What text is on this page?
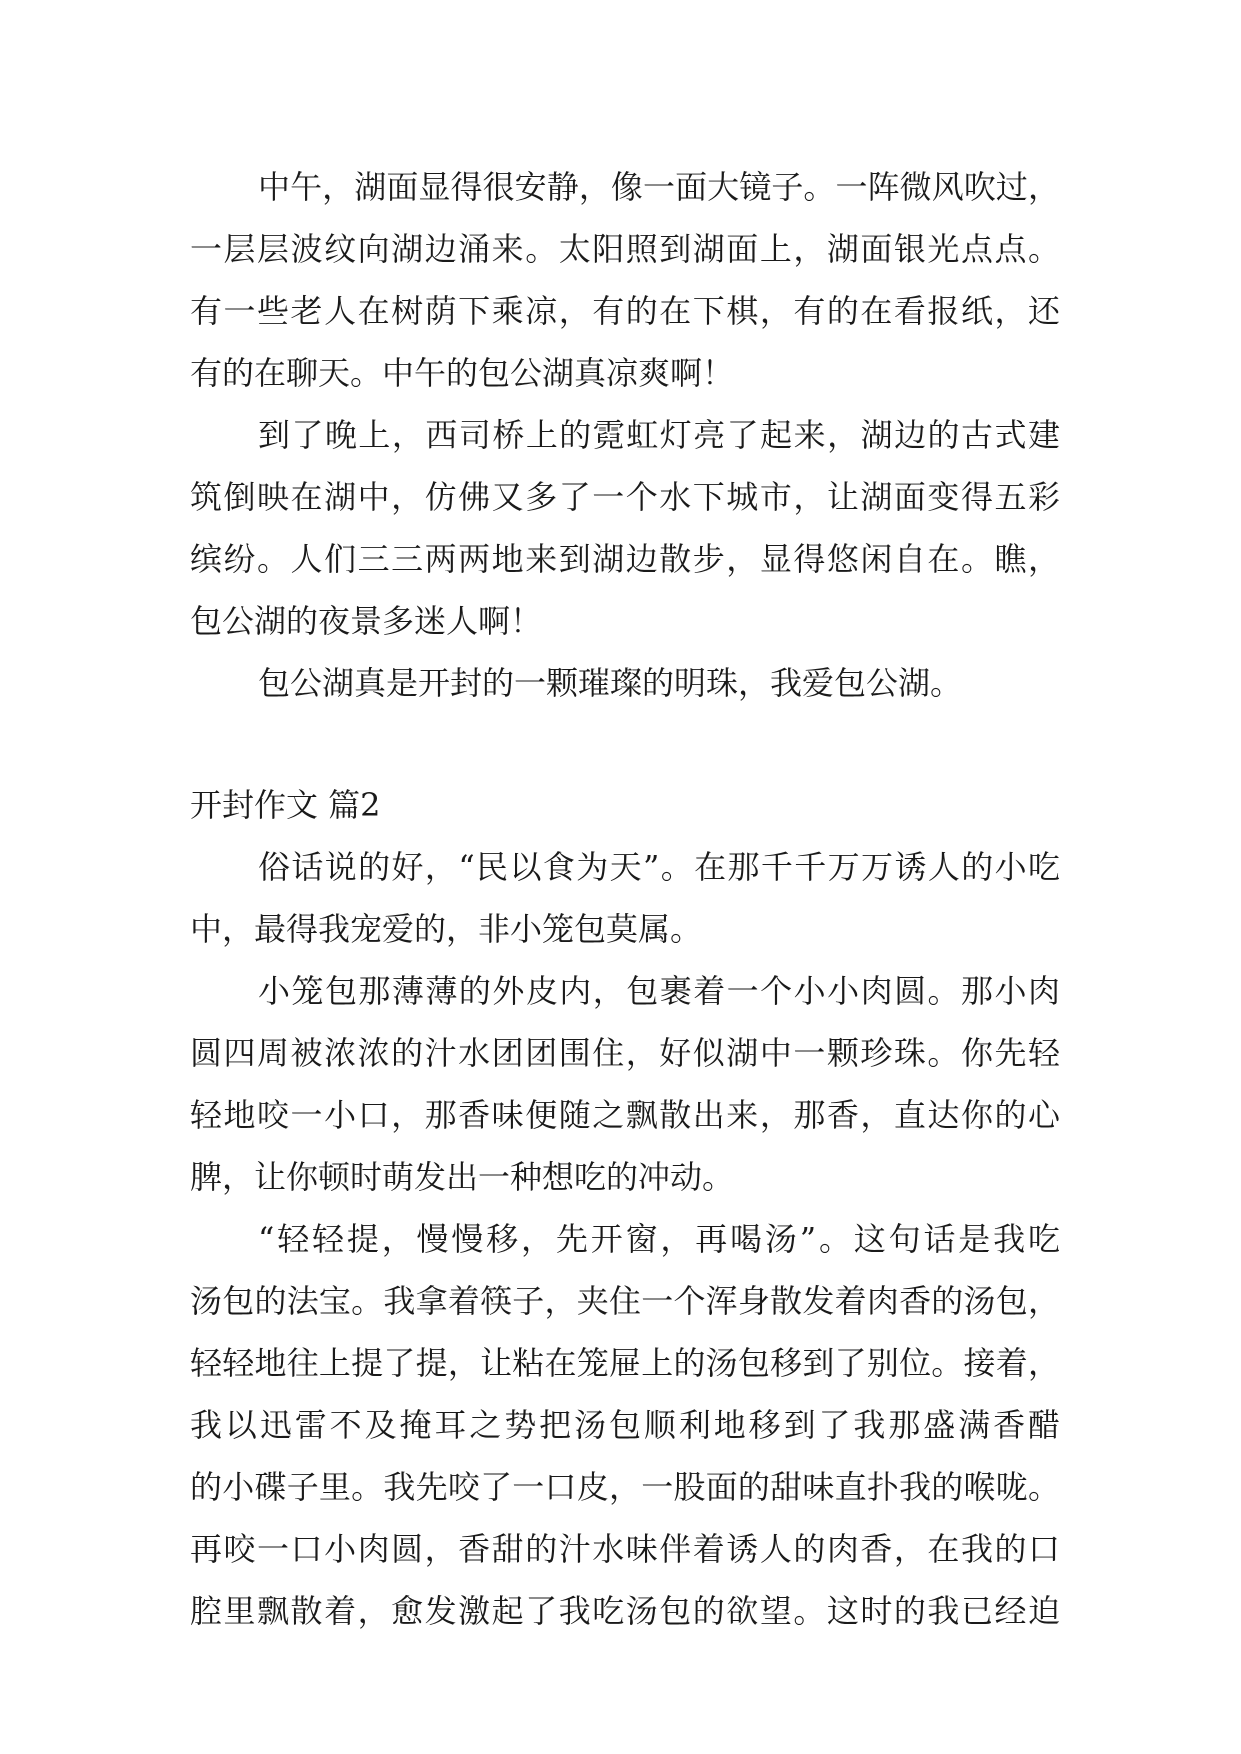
中午，湖面显得很安静，像一面大镜子。一阵微风吹过，
一层层波纹向湖边涌来。太阳照到湖面上，湖面银光点点。
有一些老人在树荫下乘凉，有的在下棋，有的在看报纸，还
有的在聊天。中午的包公湖真凉爽啊！
到了晚上，西司桥上的霓虹灯亮了起来，湖边的古式建
筑倒映在湖中，仿佛又多了一个水下城市，让湖面变得五彩
缤纷。人们三三两两地来到湖边散步，显得悠闲自在。瞧，
包公湖的夜景多迷人啊！
包公湖真是开封的一颗璀璨的明珠，我爱包公湖。
开封作文 篇2
俗话说的好，“民以食为天”。在那千千万万诱人的小吃
中，最得我宠爱的，非小笼包莫属。
小笼包那薄薄的外皮内，包裹着一个小小肉圆。那小肉
圆四周被浓浓的汁水团团围住，好似湖中一颗珍珠。你先轻
轻地咬一小口，那香味便随之飘散出来，那香，直达你的心
脾，让你顿时萌发出一种想吃的冲动。
“轻轻提，慢慢移，先开窗，再喝汤”。这句话是我吃
汤包的法宝。我拿着筷子，夹住一个浑身散发着肉香的汤包，
轻轻地往上提了提，让粘在笼屉上的汤包移到了别位。接着，
我以迅雷不及掩耳之势把汤包顺利地移到了我那盛满香醋
的小碟子里。我先咬了一口皮，一股面的甜味直扑我的喉咙。
再咬一口小肉圆，香甜的汁水味伴着诱人的肉香，在我的口
腔里飘散着，愈发激起了我吃汤包的欲望。这时的我已经迫
